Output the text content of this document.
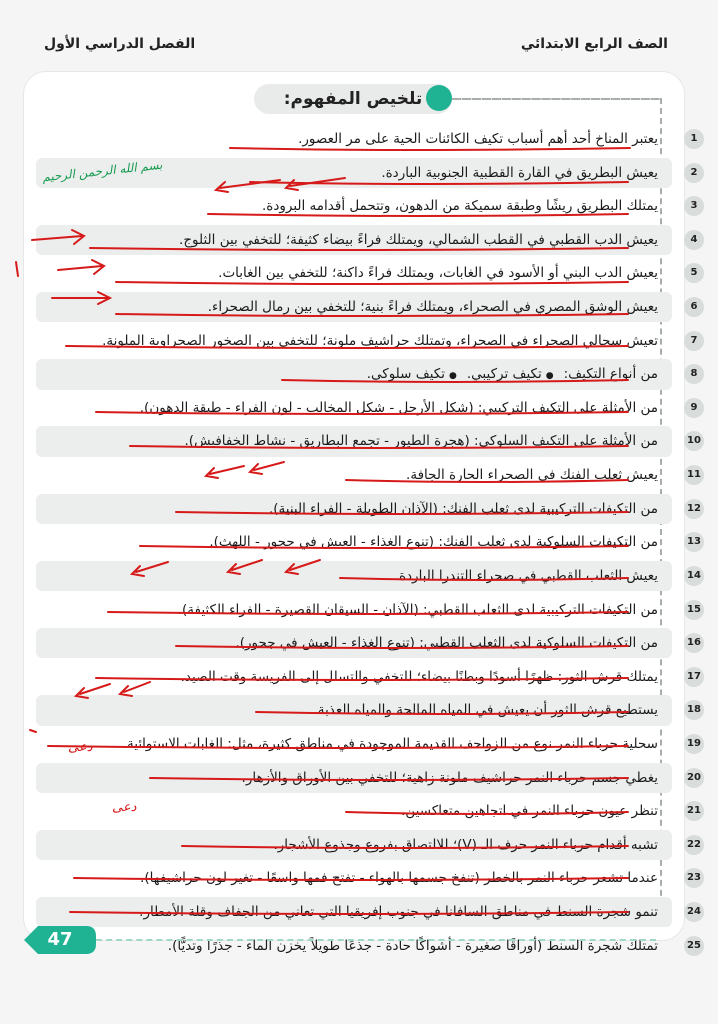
الصف الرابع الابتدائي
الفصل الدراسي الأول
تلخيص المفهوم:
1
يعتبر المناخ أحد أهم أسباب تكيف الكائنات الحية على مر العصور.
2
يعيش البطريق في القارة القطبية الجنوبية الباردة.
3
يمتلك البطريق ريشًا وطبقة سميكة من الدهون، وتتحمل أقدامه البرودة.
4
يعيش الدب القطبي في القطب الشمالي، ويمتلك فراءً بيضاء كثيفة؛ للتخفي بين الثلوج.
5
يعيش الدب البني أو الأسود في الغابات، ويمتلك فراءً داكنة؛ للتخفي بين الغابات.
6
يعيش الوشق المصري في الصحراء، ويمتلك فراءً بنية؛ للتخفي بين رمال الصحراء.
7
تعيش سحالي الصحراء في الصحراء، وتمتلك حراشيف ملونة؛ للتخفي بين الصخور الصحراوية الملونة.
8
من أنواع التكيف:●تكيف تركيبي.●تكيف سلوكي.
9
من الأمثلة على التكيف التركيبي: (شكل الأرجل - شكل المخالب - لون الفراء - طبقة الدهون).
10
من الأمثلة على التكيف السلوكي: (هجرة الطيور - تجمع البطاريق - نشاط الخفافيش).
11
يعيش ثعلب الفنك في الصحراء الحارة الجافة.
12
من التكيفات التركيبية لدى ثعلب الفنك: (الآذان الطويلة - الفراء البنية).
13
من التكيفات السلوكية لدى ثعلب الفنك: (تنوع الغذاء - العيش في جحور - اللهث).
14
يعيش الثعلب القطبي في صحراء التندرا الباردة.
15
من التكيفات التركيبية لدى الثعلب القطبي: (الآذان - السيقان القصيرة - الفراء الكثيفة).
16
من التكيفات السلوكية لدى الثعلب القطبي: (تنوع الغذاء - العيش في جحور).
17
يمتلك قرش الثور: ظهرًا أسودًا وبطنًا بيضاء؛ للتخفي والتسلل إلى الفريسة وقت الصيد.
18
يستطيع قرش الثور أن يعيش في المياه المالحة والمياه العذبة.
19
سحلية حرباء النمر نوع من الزواحف القديمة الموجودة في مناطق كثيرة، مثل: الغابات الاستوائية.
20
يغطي جسم حرباء النمر حراشيف ملونة زاهية؛ للتخفي بين الأوراق والأزهار.
21
تنظر عيون حرباء النمر في اتجاهين متعاكسين.
22
تشبه أقدام حرباء النمر حرف الـ (V)؛ للالتصاق بفروع وجذوع الأشجار.
23
عندما تشعر حرباء النمر بالخطر (تنفخ جسمها بالهواء - تفتح فمها واسعًا - تغير لون حراشيفها).
24
تنمو شجرة السنط في مناطق السافانا في جنوب إفريقيا التي تعاني من الجفاف وقلة الأمطار.
25
تمتلك شجرة السنط (أوراقًا صغيرة - أشواكًا حادة - جذعًا طويلاً يخزن الماء - جذرًا وتديًّا).
47
بسم الله الرحمن الرحيم
دعى
دعى
